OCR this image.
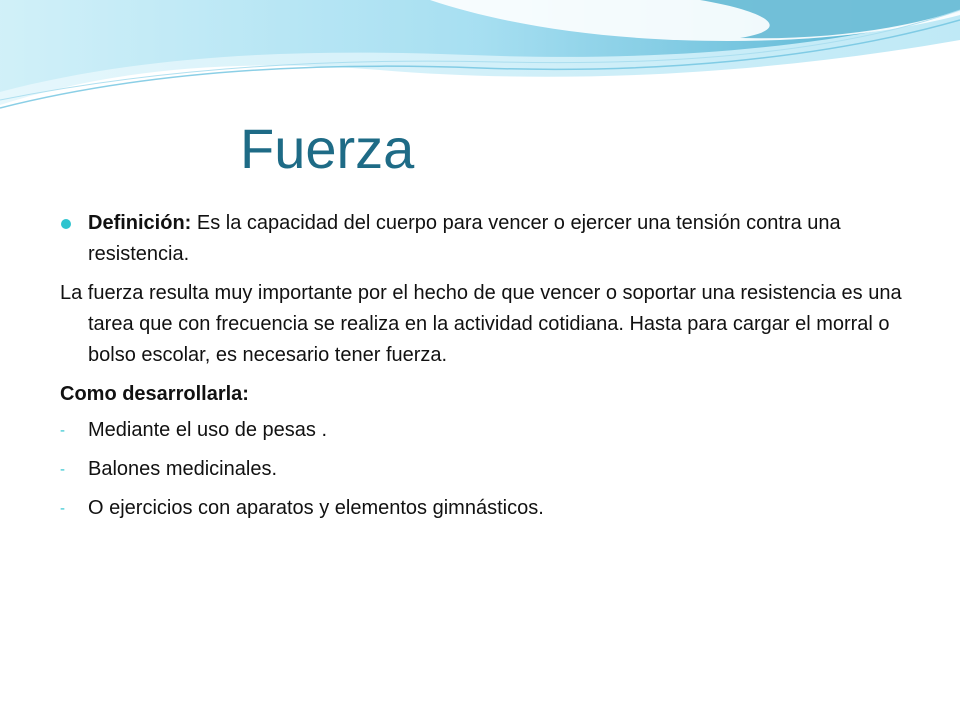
Fuerza

Definición: Es la capacidad del cuerpo para vencer o ejercer una tensión contra una resistencia.

La fuerza resulta muy importante por el hecho de que vencer o soportar una resistencia es una tarea que con frecuencia se realiza en la actividad cotidiana. Hasta para cargar el morral o bolso escolar, es necesario tener fuerza.

Como desarrollarla:

- Mediante el uso de pesas .
- Balones medicinales.
- O ejercicios con aparatos y elementos gimnásticos.
